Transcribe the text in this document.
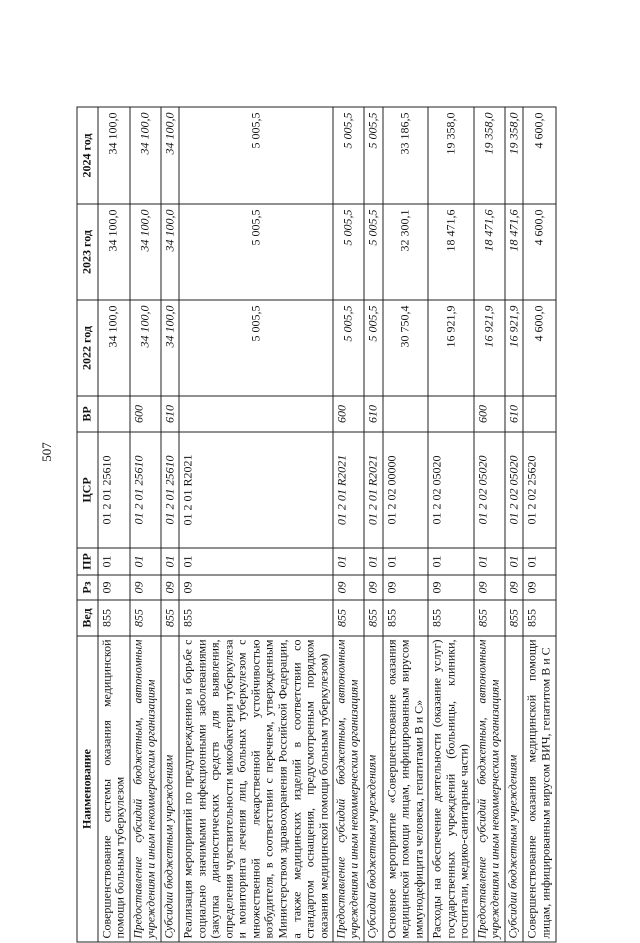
507
Наименование	Вед	Рз	ПР	ЦСР	ВР	2022 год	2023 год	2024 год
Совершенствование системы оказания медицинской помощи больным туберкулезом	855	09	01	01 2 01 25610		34 100,0	34 100,0	34 100,0
Предоставление субсидий бюджетным, автономным учреждениям и иным некоммерческим организациям	855	09	01	01 2 01 25610	600	34 100,0	34 100,0	34 100,0
Субсидии бюджетным учреждениям	855	09	01	01 2 01 25610	610	34 100,0	34 100,0	34 100,0
Реализация мероприятий по предупреждению и борьбе с социально значимыми инфекционными заболеваниями (закупка диагностических средств для выявления, определения чувствительности микобактерии туберкулеза и мониторинга лечения лиц, больных туберкулезом с множественной лекарственной устойчивостью возбудителя, в соответствии с перечнем, утвержденным Министерством здравоохранения Российской Федерации, а также медицинских изделий в соответствии со стандартом оснащения, предусмотренным порядком оказания медицинской помощи больным туберкулезом)	855	09	01	01 2 01 R2021		5 005,5	5 005,5	5 005,5
Предоставление субсидий бюджетным, автономным учреждениям и иным некоммерческим организациям	855	09	01	01 2 01 R2021	600	5 005,5	5 005,5	5 005,5
Субсидии бюджетным учреждениям	855	09	01	01 2 01 R2021	610	5 005,5	5 005,5	5 005,5
Основное мероприятие «Совершенствование оказания медицинской помощи лицам, инфицированным вирусом иммунодефицита человека, гепатитами В и С»	855	09	01	01 2 02 00000		30 750,4	32 300,1	33 186,5
Расходы на обеспечение деятельности (оказание услуг) государственных учреждений (больницы, клиники, госпитали, медико-санитарные части)	855	09	01	01 2 02 05020		16 921,9	18 471,6	19 358,0
Предоставление субсидий бюджетным, автономным учреждениям и иным некоммерческим организациям	855	09	01	01 2 02 05020	600	16 921,9	18 471,6	19 358,0
Субсидии бюджетным учреждениям	855	09	01	01 2 02 05020	610	16 921,9	18 471,6	19 358,0
Совершенствование оказания медицинской помощи лицам, инфицированным вирусом ВИЧ, гепатитом В и С	855	09	01	01 2 02 25620		4 600,0	4 600,0	4 600,0
